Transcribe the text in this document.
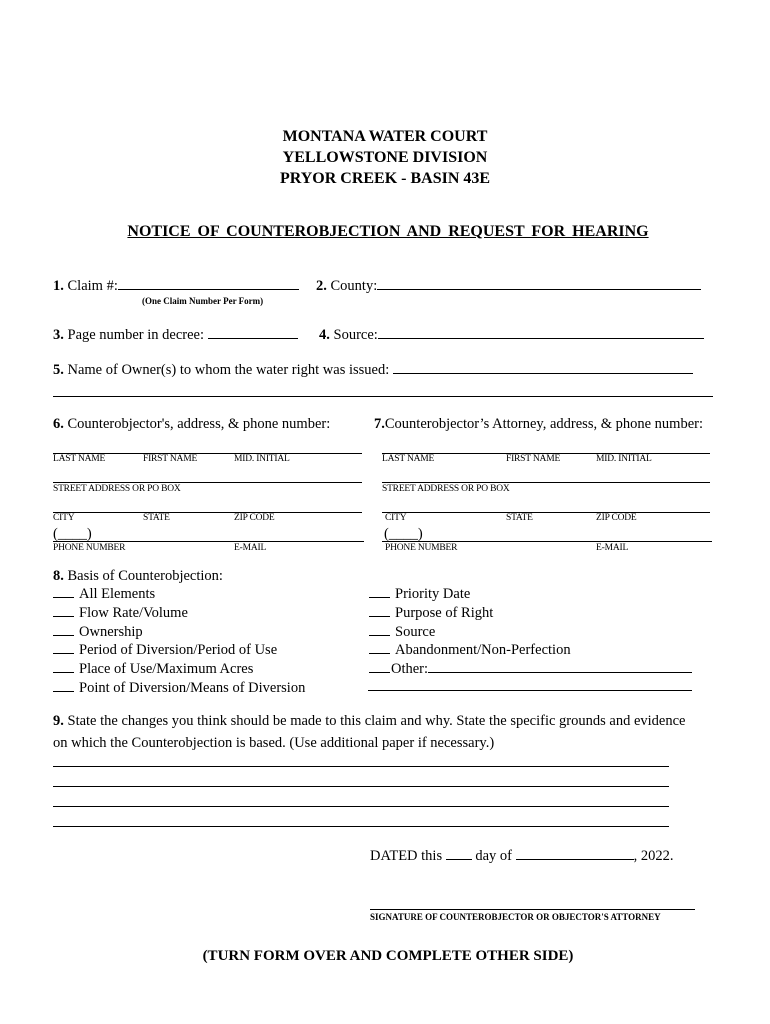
MONTANA WATER COURT
YELLOWSTONE DIVISION
PRYOR CREEK - BASIN 43E
NOTICE OF COUNTEROBJECTION AND REQUEST FOR HEARING
1. Claim #:
(One Claim Number Per Form)
2. County:
3. Page number in decree:	4. Source:
5. Name of Owner(s) to whom the water right was issued:
6. Counterobjector's, address, & phone number:
LAST NAME	FIRST NAME	MID. INITIAL
STREET ADDRESS OR PO BOX
CITY	STATE	ZIP CODE
(____)
PHONE NUMBER	E-MAIL
7.Counterobjector’s Attorney, address, & phone number:
LAST NAME	FIRST NAME	MID. INITIAL
STREET ADDRESS OR PO BOX
CITY	STATE	ZIP CODE
(____)
PHONE NUMBER	E-MAIL
8. Basis of Counterobjection:
All Elements
Flow Rate/Volume
Ownership
Period of Diversion/Period of Use
Place of Use/Maximum Acres
Point of Diversion/Means of Diversion
Priority Date
Purpose of Right
Source
Abandonment/Non-Perfection
Other:
9. State the changes you think should be made to this claim and why. State the specific grounds and evidence
on which the Counterobjection is based. (Use additional paper if necessary.)
DATED this day of	, 2022.
SIGNATURE OF COUNTEROBJECTOR OR OBJECTOR'S ATTORNEY
(TURN FORM OVER AND COMPLETE OTHER SIDE)
